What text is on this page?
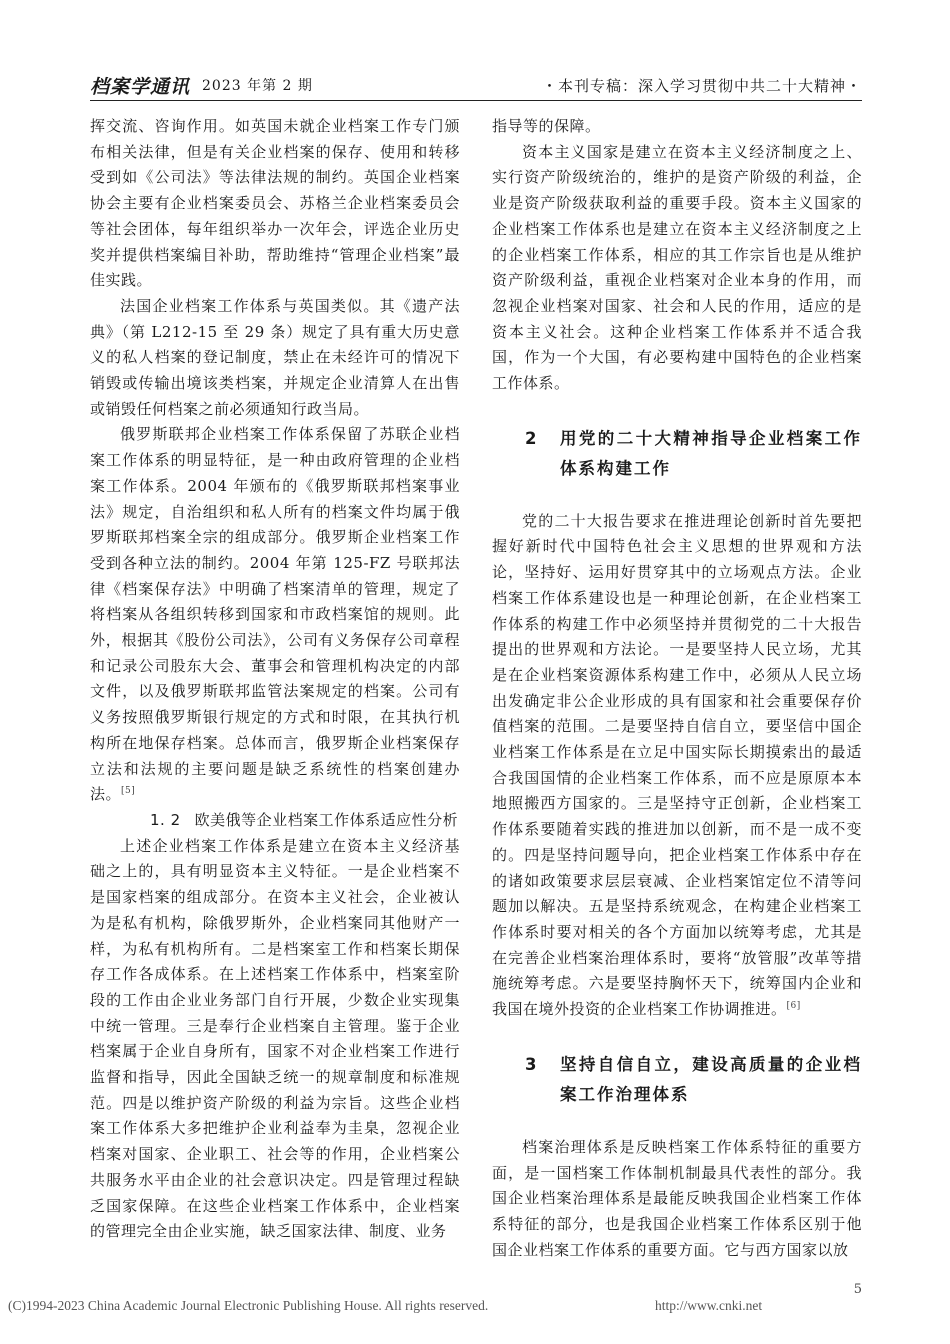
档案学通讯 2023 年第 2 期	・本刊专稿：深入学习贯彻中共二十大精神・

挥交流、咨询作用。如英国未就企业档案工作专门颁布相关法律，但是有关企业档案的保存、使用和转移受到如《公司法》等法律法规的制约。英国企业档案协会主要有企业档案委员会、苏格兰企业档案委员会等社会团体，每年组织举办一次年会，评选企业历史奖并提供档案编目补助，帮助维持“管理企业档案”最佳实践。

法国企业档案工作体系与英国类似。其《遗产法典》（第 L212-15 至 29 条）规定了具有重大历史意义的私人档案的登记制度，禁止在未经许可的情况下销毁或传输出境该类档案，并规定企业清算人在出售或销毁任何档案之前必须通知行政当局。

俄罗斯联邦企业档案工作体系保留了苏联企业档案工作体系的明显特征，是一种由政府管理的企业档案工作体系。2004 年颁布的《俄罗斯联邦档案事业法》规定，自治组织和私人所有的档案文件均属于俄罗斯联邦档案全宗的组成部分。俄罗斯企业档案工作受到各种立法的制约。2004 年第 125-FZ 号联邦法律《档案保存法》中明确了档案清单的管理，规定了将档案从各组织转移到国家和市政档案馆的规则。此外，根据其《股份公司法》，公司有义务保存公司章程和记录公司股东大会、董事会和管理机构决定的内部文件，以及俄罗斯联邦监管法案规定的档案。公司有义务按照俄罗斯银行规定的方式和时限，在其执行机构所在地保存档案。总体而言，俄罗斯企业档案保存立法和法规的主要问题是缺乏系统性的档案创建办法。[5]

1. 2 欧美俄等企业档案工作体系适应性分析

上述企业档案工作体系是建立在资本主义经济基础之上的，具有明显资本主义特征。一是企业档案不是国家档案的组成部分。在资本主义社会，企业被认为是私有机构，除俄罗斯外，企业档案同其他财产一样，为私有机构所有。二是档案室工作和档案长期保存工作各成体系。在上述档案工作体系中，档案室阶段的工作由企业业务部门自行开展，少数企业实现集中统一管理。三是奉行企业档案自主管理。鉴于企业档案属于企业自身所有，国家不对企业档案工作进行监督和指导，因此全国缺乏统一的规章制度和标准规范。四是以维护资产阶级的利益为宗旨。这些企业档案工作体系大多把维护企业利益奉为圭臬，忽视企业档案对国家、企业职工、社会等的作用，企业档案公共服务水平由企业的社会意识决定。四是管理过程缺乏国家保障。在这些企业档案工作体系中，企业档案的管理完全由企业实施，缺乏国家法律、制度、业务

指导等的保障。

资本主义国家是建立在资本主义经济制度之上、实行资产阶级统治的，维护的是资产阶级的利益，企业是资产阶级获取利益的重要手段。资本主义国家的企业档案工作体系也是建立在资本主义经济制度之上的企业档案工作体系，相应的其工作宗旨也是从维护资产阶级利益，重视企业档案对企业本身的作用，而忽视企业档案对国家、社会和人民的作用，适应的是资本主义社会。这种企业档案工作体系并不适合我国，作为一个大国，有必要构建中国特色的企业档案工作体系。

2	用党的二十大精神指导企业档案工作体系构建工作

党的二十大报告要求在推进理论创新时首先要把握好新时代中国特色社会主义思想的世界观和方法论，坚持好、运用好贯穿其中的立场观点方法。企业档案工作体系建设也是一种理论创新，在企业档案工作体系的构建工作中必须坚持并贯彻党的二十大报告提出的世界观和方法论。一是要坚持人民立场，尤其是在企业档案资源体系构建工作中，必须从人民立场出发确定非公企业形成的具有国家和社会重要保存价值档案的范围。二是要坚持自信自立，要坚信中国企业档案工作体系是在立足中国实际长期摸索出的最适合我国国情的企业档案工作体系，而不应是原原本本地照搬西方国家的。三是坚持守正创新，企业档案工作体系要随着实践的推进加以创新，而不是一成不变的。四是坚持问题导向，把企业档案工作体系中存在的诸如政策要求层层衰减、企业档案馆定位不清等问题加以解决。五是坚持系统观念，在构建企业档案工作体系时要对相关的各个方面加以统筹考虑，尤其是在完善企业档案治理体系时，要将“放管服”改革等措施统筹考虑。六是要坚持胸怀天下，统筹国内企业和我国在境外投资的企业档案工作协调推进。[6]

3	坚持自信自立，建设高质量的企业档案工作治理体系

档案治理体系是反映档案工作体系特征的重要方面，是一国档案工作体制机制最具代表性的部分。我国企业档案治理体系是最能反映我国企业档案工作体系特征的部分，也是我国企业档案工作体系区别于他国企业档案工作体系的重要方面。它与西方国家以放

5
(C)1994-2023 China Academic Journal Electronic Publishing House. All rights reserved.	http://www.cnki.net
